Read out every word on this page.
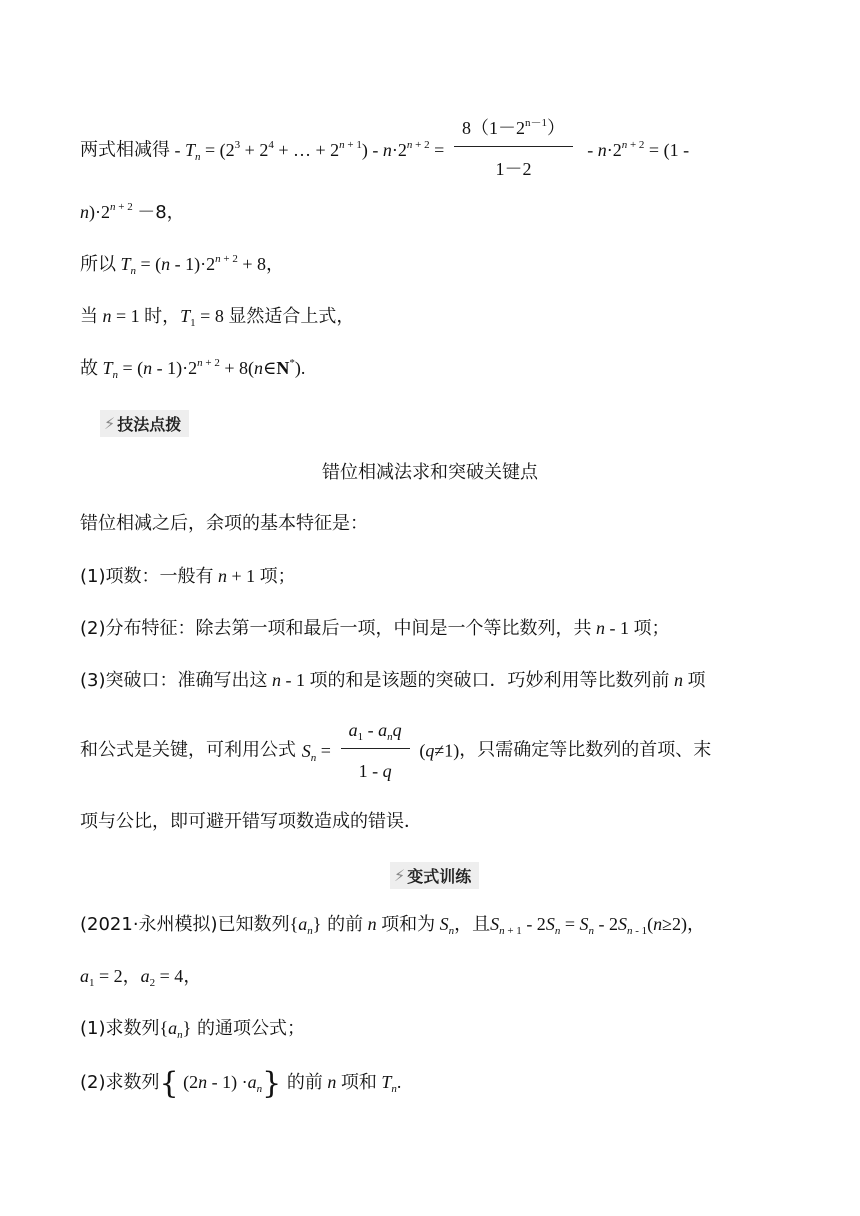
两式相减得 - $T_n = (2^3 + 2^4$ + … + $2^{n + 1}) - n\cdot 2^{n + 2} = \frac{8(1-2^{n-1})}{1-2} - n\cdot 2^{n + 2} = (1$ -
$n)\cdot 2^{n + 2} -8$，
所以 $T_n = (n - 1)\cdot 2^{n + 2} + 8$，
当 n = 1 时，$T_1 = 8$ 显然适合上式，
故 $T_n = (n - 1)\cdot 2^{n + 2}$ + 8(n∈N*).
⚡ 技法点拨
错位相减法求和突破关键点
错位相减之后，余项的基本特征是：
(1)项数：一般有 n + 1 项；
(2)分布特征：除去第一项和最后一项，中间是一个等比数列，共 n - 1 项；
(3)突破口：准确写出这 n - 1 项的和是该题的突破口．巧妙利用等比数列前 n 项
和公式是关键，可利用公式 $S_n = \frac{a_1 - a_nq}{1 - q} (q\ne 1)$，只需确定等比数列的首项、末
项与公比，即可避开错写项数造成的错误．
⚡ 变式训练
(2021·永州模拟)已知数列$\{a_n\}$ 的前 n 项和为 $S_n$，且$S_{n + 1} - 2S_n = S_n - 2S_{n - 1}(n\ge 2)$，
$a_1 = 2$，$a_2 = 4$，
(1)求数列$\{a_n\}$ 的通项公式；
(2)求数列{ $(2n - 1) \cdot a_n$} 的前 n 项和 $T_n$.
